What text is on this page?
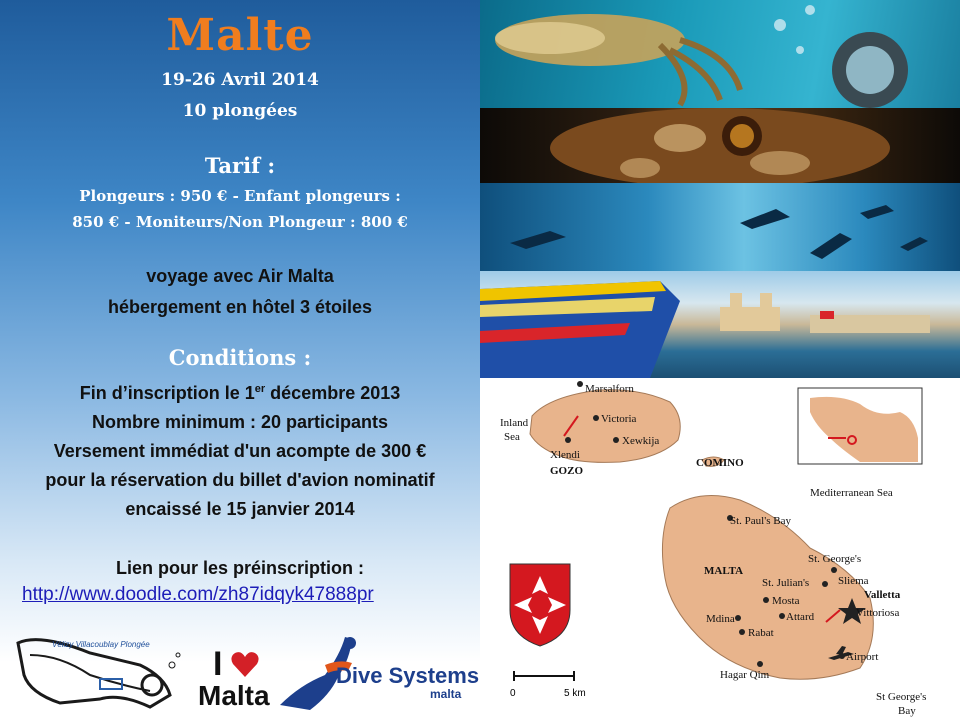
Malte
19-26 Avril 2014
10 plongées
Tarif :
Plongeurs : 950 € - Enfant plongeurs :
850 € - Moniteurs/Non Plongeur : 800 €
voyage avec Air Malta
hébergement en hôtel 3 étoiles
Conditions :
Fin d’inscription le 1er décembre 2013
Nombre minimum : 20 participants
Versement immédiat d'un acompte de 300 €
pour la réservation du billet d'avion nominatif
encaissé le 15 janvier 2014
Lien pour les préinscription :
http://www.doodle.com/zh87idqyk47888pr
Vélizy Villacoublay Plongée
I
Malta
Dive Systems
malta
Marsalforn
Inland
Sea
Victoria
Xewkija
Xlendi
GOZO
COMINO
Mediterranean Sea
St. Paul's Bay
St. George's
MALTA
St. Julian's	Sliema
Valletta
Mosta
Vittoriosa
Mdina	Attard
Rabat
Airport
Hagar Qim
St George's
Bay
0	5 km
